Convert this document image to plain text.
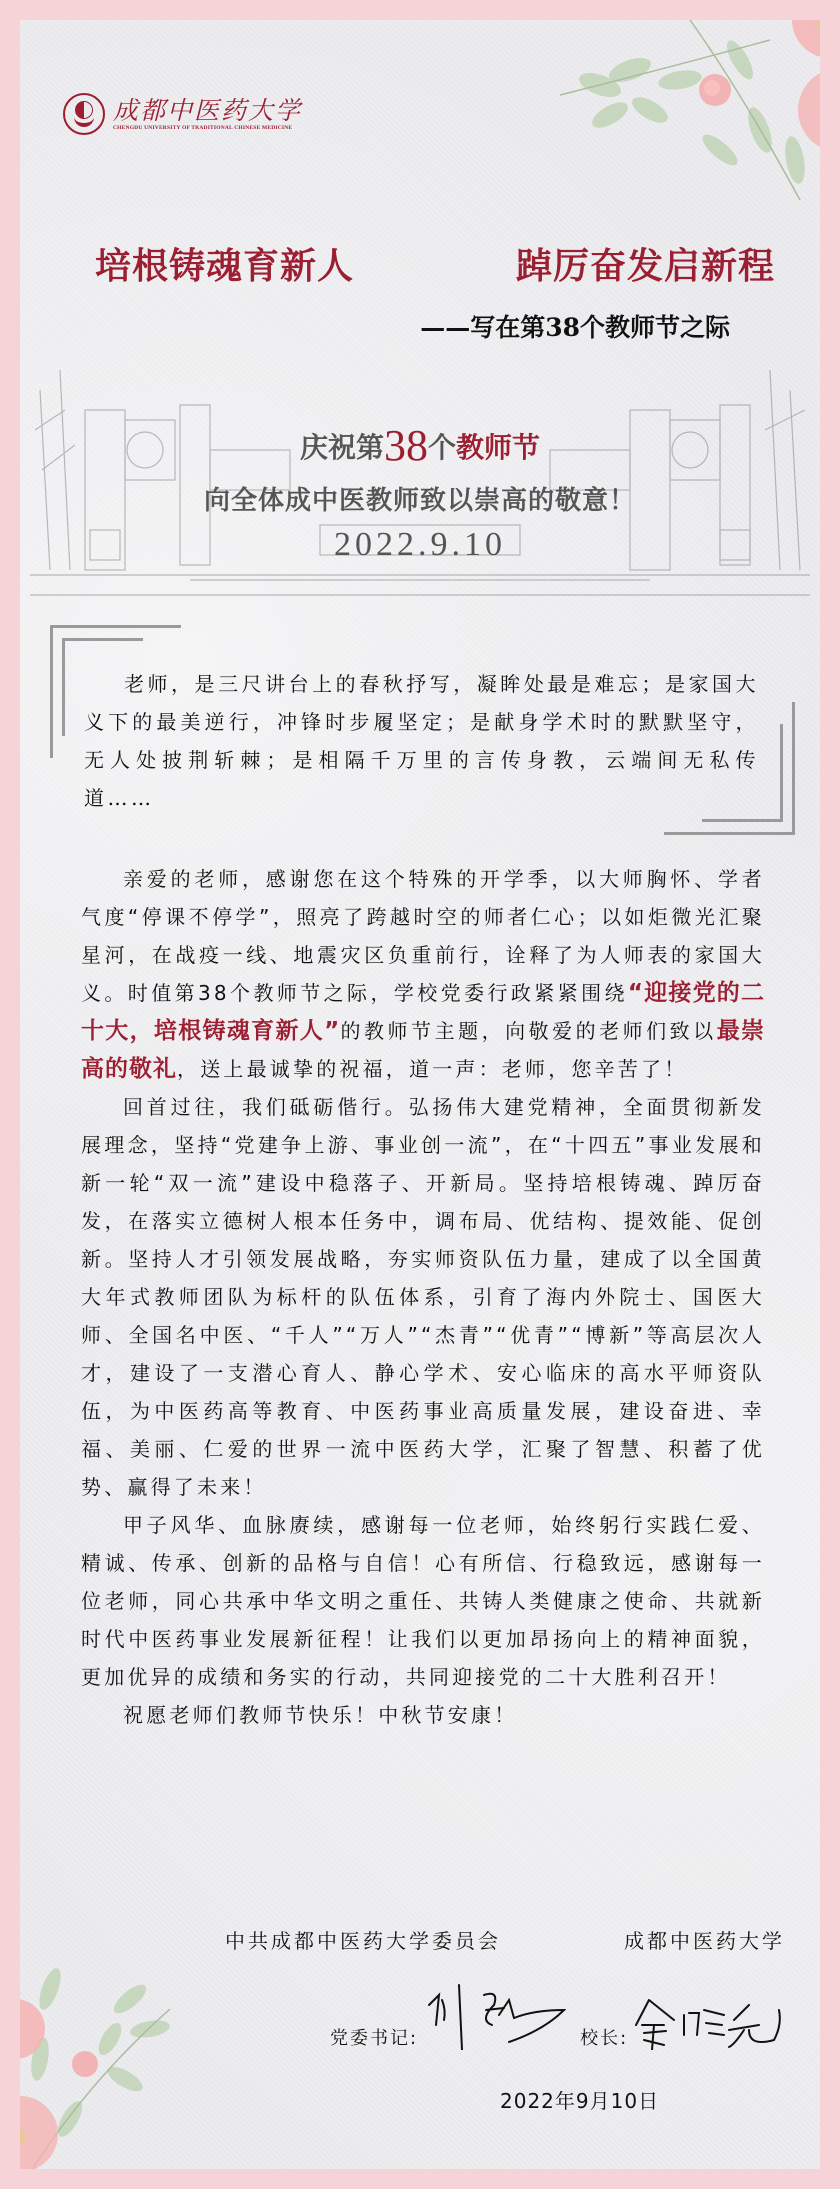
成都中医药大学
CHENGDU UNIVERSITY OF TRADITIONAL CHINESE MEDICINE
培根铸魂育新人	踔厉奋发启新程
——写在第38个教师节之际
庆祝第38个教师节
向全体成中医教师致以崇高的敬意！
2022.9.10
老师，是三尺讲台上的春秋抒写，凝眸处最是难忘；是家国大义下的最美逆行，冲锋时步履坚定；是献身学术时的默默坚守，无人处披荆斩棘；是相隔千万里的言传身教，云端间无私传道……

亲爱的老师，感谢您在这个特殊的开学季，以大师胸怀、学者气度“停课不停学”，照亮了跨越时空的师者仁心；以如炬微光汇聚星河，在战疫一线、地震灾区负重前行，诠释了为人师表的家国大义。时值第38个教师节之际，学校党委行政紧紧围绕“迎接党的二十大，培根铸魂育新人”的教师节主题，向敬爱的老师们致以最崇高的敬礼，送上最诚挚的祝福，道一声：老师，您辛苦了！

回首过往，我们砥砺偕行。弘扬伟大建党精神，全面贯彻新发展理念，坚持“党建争上游、事业创一流”，在“十四五”事业发展和新一轮“双一流”建设中稳落子、开新局。坚持培根铸魂、踔厉奋发，在落实立德树人根本任务中，调布局、优结构、提效能、促创新。坚持人才引领发展战略，夯实师资队伍力量，建成了以全国黄大年式教师团队为标杆的队伍体系，引育了海内外院士、国医大师、全国名中医、“千人”“万人”“杰青”“优青”“博新”等高层次人才，建设了一支潜心育人、静心学术、安心临床的高水平师资队伍，为中医药高等教育、中医药事业高质量发展，建设奋进、幸福、美丽、仁爱的世界一流中医药大学，汇聚了智慧、积蓄了优势、赢得了未来！

甲子风华、血脉赓续，感谢每一位老师，始终躬行实践仁爱、精诚、传承、创新的品格与自信！心有所信、行稳致远，感谢每一位老师，同心共承中华文明之重任、共铸人类健康之使命、共就新时代中医药事业发展新征程！让我们以更加昂扬向上的精神面貌，更加优异的成绩和务实的行动，共同迎接党的二十大胜利召开！

祝愿老师们教师节快乐！中秋节安康！

中共成都中医药大学委员会	成都中医药大学
党委书记:	校长:
2022年9月10日
